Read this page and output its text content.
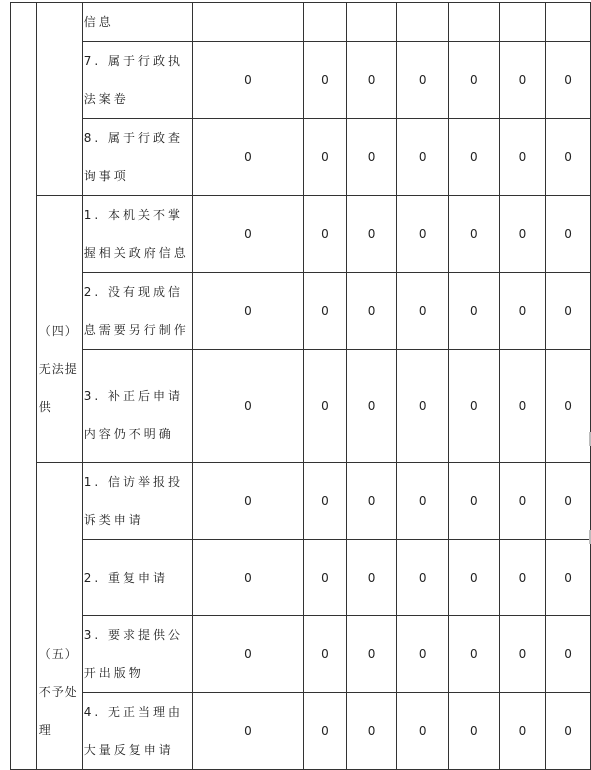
		信息							

		7. 属于行政执法案卷	0	0	0	0	0	0	0

		8. 属于行政查询事项	0	0	0	0	0	0	0

	（四）无法提供	1. 本机关不掌握相关政府信息	0	0	0	0	0	0	0

		2. 没有现成信息需要另行制作	0	0	0	0	0	0	0

		3. 补正后申请内容仍不明确	0	0	0	0	0	0	0

	（五）不予处理	1. 信访举报投诉类申请	0	0	0	0	0	0	0

		2. 重复申请	0	0	0	0	0	0	0

		3. 要求提供公开出版物	0	0	0	0	0	0	0

		4. 无正当理由大量反复申请	0	0	0	0	0	0	0
